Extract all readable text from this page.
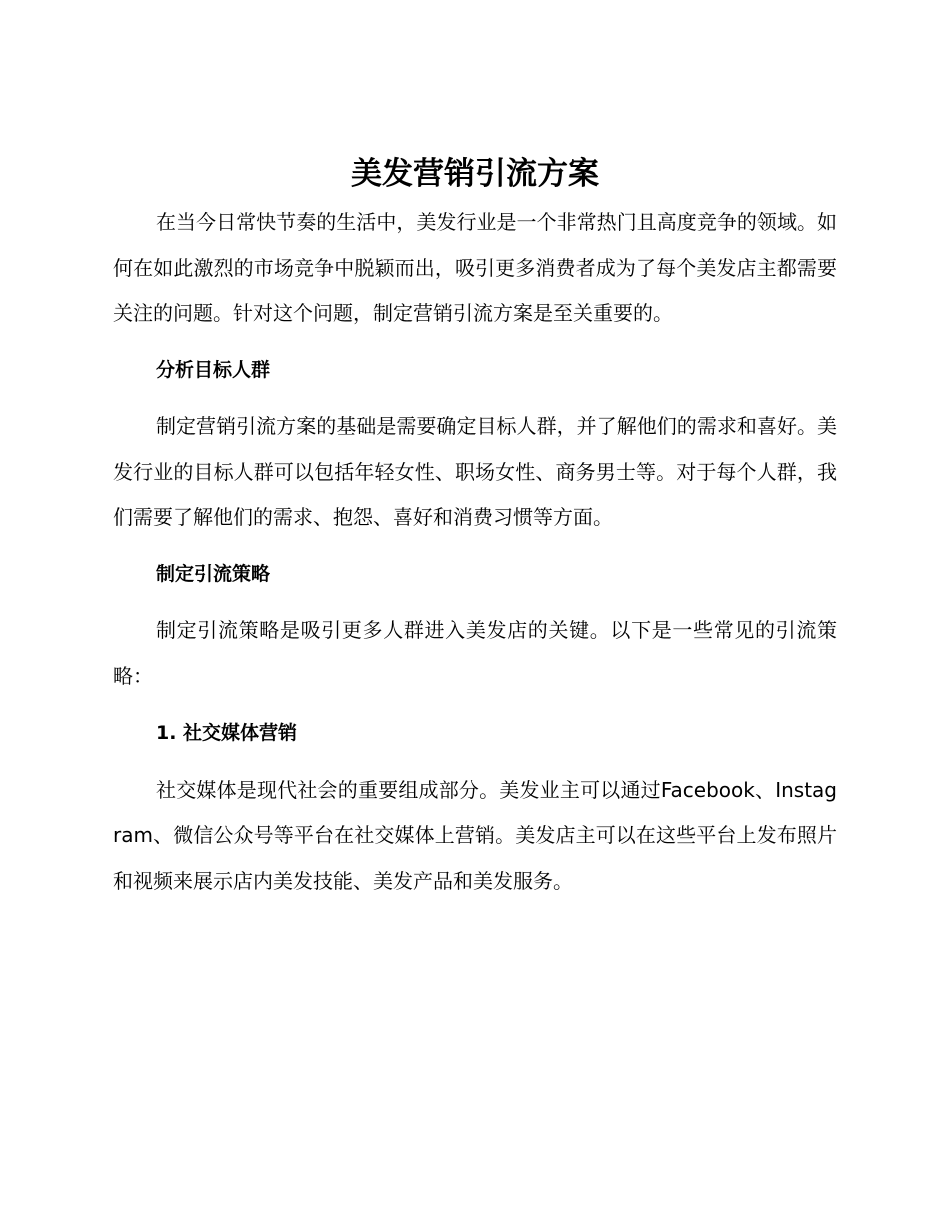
美发营销引流方案

在当今日常快节奏的生活中，美发行业是一个非常热门且高度竞争的领域。如何在如此激烈的市场竞争中脱颖而出，吸引更多消费者成为了每个美发店主都需要关注的问题。针对这个问题，制定营销引流方案是至关重要的。

分析目标人群

制定营销引流方案的基础是需要确定目标人群，并了解他们的需求和喜好。美发行业的目标人群可以包括年轻女性、职场女性、商务男士等。对于每个人群，我们需要了解他们的需求、抱怨、喜好和消费习惯等方面。

制定引流策略

制定引流策略是吸引更多人群进入美发店的关键。以下是一些常见的引流策略：

1. 社交媒体营销

社交媒体是现代社会的重要组成部分。美发业主可以通过Facebook、Instagram、微信公众号等平台在社交媒体上营销。美发店主可以在这些平台上发布照片和视频来展示店内美发技能、美发产品和美发服务。
